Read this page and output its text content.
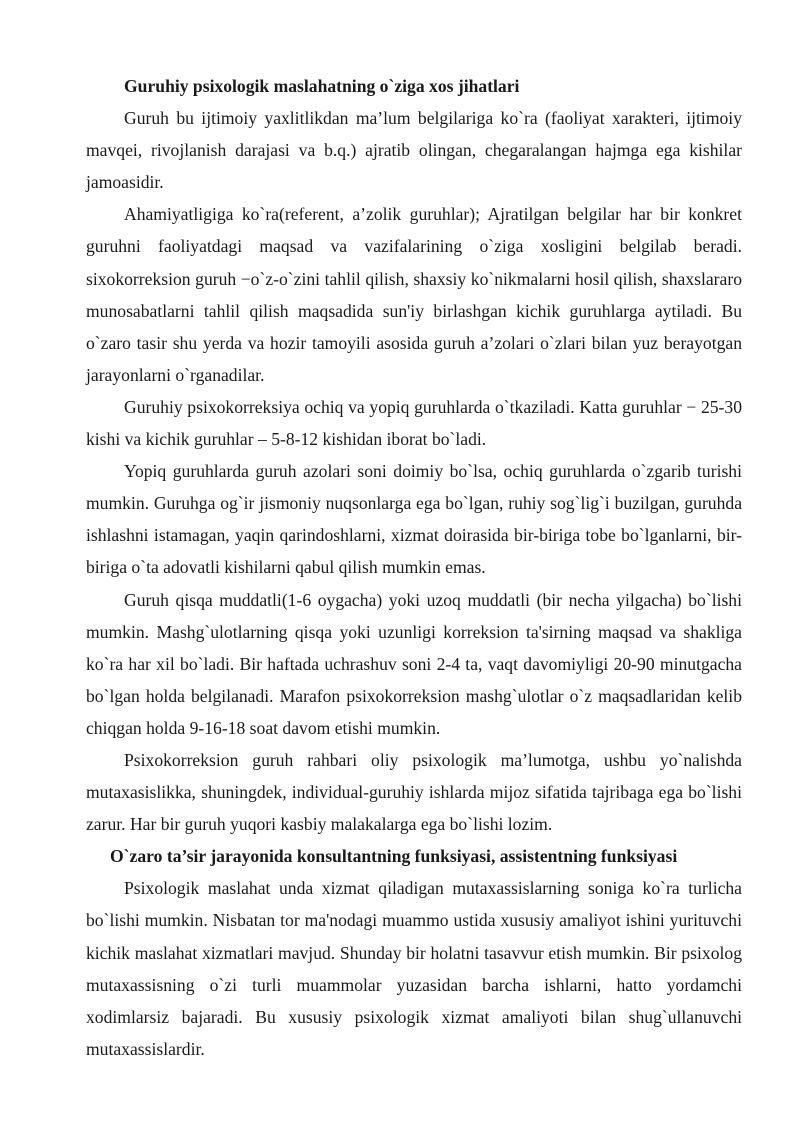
Guruhiy psixologik maslahatning o`ziga xos jihatlari

Guruh bu ijtimoiy yaxlitlikdan ma’lum belgilariga ko`ra (faoliyat xarakteri, ijtimoiy mavqei, rivojlanish darajasi va b.q.) ajratib olingan, chegaralangan hajmga ega kishilar jamoasidir.

Ahamiyatligiga ko`ra(referent, a’zolik guruhlar); Ajratilgan belgilar har bir konkret guruhni faoliyatdagi maqsad va vazifalarining o`ziga xosligini belgilab beradi. sixokorreksion guruh −o`z-o`zini tahlil qilish, shaxsiy ko`nikmalarni hosil qilish, shaxslararo munosabatlarni tahlil qilish maqsadida sun'iy birlashgan kichik guruhlarga aytiladi. Bu o`zaro tasir shu yerda va hozir tamoyili asosida guruh a’zolari o`zlari bilan yuz berayotgan jarayonlarni o`rganadilar.

Guruhiy psixokorreksiya ochiq va yopiq guruhlarda o`tkaziladi. Katta guruhlar − 25-30 kishi va kichik guruhlar – 5-8-12 kishidan iborat bo`ladi.

Yopiq guruhlarda guruh azolari soni doimiy bo`lsa, ochiq guruhlarda o`zgarib turishi mumkin. Guruhga og`ir jismoniy nuqsonlarga ega bo`lgan, ruhiy sog`lig`i buzilgan, guruhda ishlashni istamagan, yaqin qarindoshlarni, xizmat doirasida bir-biriga tobe bo`lganlarni, bir-biriga o`ta adovatli kishilarni qabul qilish mumkin emas.

Guruh qisqa muddatli(1-6 oygacha) yoki uzoq muddatli (bir necha yilgacha) bo`lishi mumkin. Mashg`ulotlarning qisqa yoki uzunligi korreksion ta'sirning maqsad va shakliga ko`ra har xil bo`ladi. Bir haftada uchrashuv soni 2-4 ta, vaqt davomiyligi 20-90 minutgacha bo`lgan holda belgilanadi. Marafon psixokorreksion mashg`ulotlar o`z maqsadlaridan kelib chiqgan holda 9-16-18 soat davom etishi mumkin.

Psixokorreksion guruh rahbari oliy psixologik ma’lumotga, ushbu yo`nalishda mutaxasislikka, shuningdek, individual-guruhiy ishlarda mijoz sifatida tajribaga ega bo`lishi zarur. Har bir guruh yuqori kasbiy malakalarga ega bo`lishi lozim.

O`zaro ta’sir jarayonida konsultantning funksiyasi, assistentning funksiyasi

Psixologik maslahat unda xizmat qiladigan mutaxassislarning soniga ko`ra turlicha bo`lishi mumkin. Nisbatan tor ma'nodagi muammo ustida xususiy amaliyot ishini yurituvchi kichik maslahat xizmatlari mavjud. Shunday bir holatni tasavvur etish mumkin. Bir psixolog mutaxassisning o`zi turli muammolar yuzasidan barcha ishlarni, hatto yordamchi xodimlarsiz bajaradi. Bu xususiy psixologik xizmat amaliyoti bilan shug`ullanuvchi mutaxassislardir.
